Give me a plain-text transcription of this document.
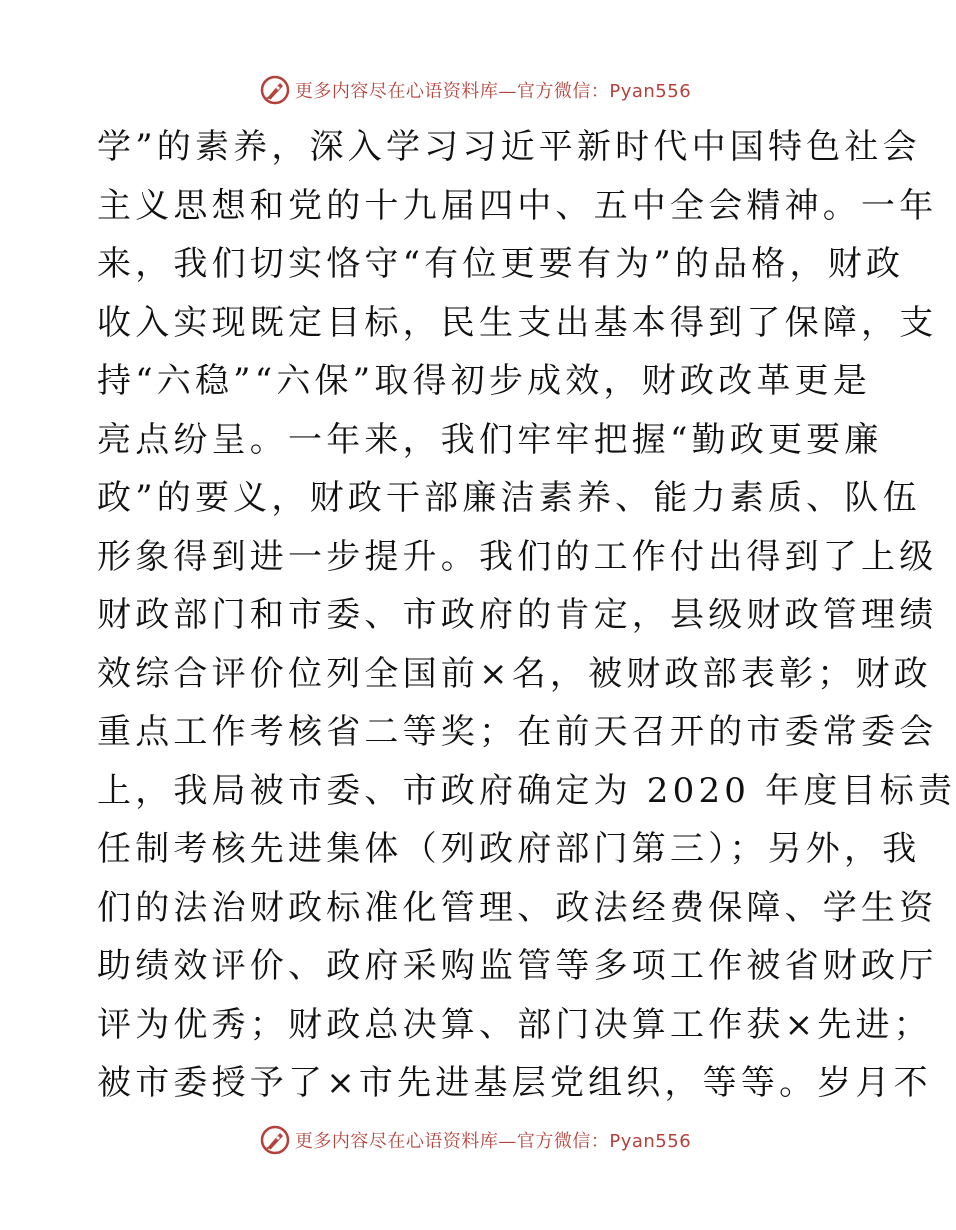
更多内容尽在心语资料库—官方微信：Pyan556
学”的素养，深入学习习近平新时代中国特色社会
主义思想和党的十九届四中、五中全会精神。一年
来，我们切实恪守“有位更要有为”的品格，财政
收入实现既定目标，民生支出基本得到了保障，支
持“六稳”“六保”取得初步成效，财政改革更是
亮点纷呈。一年来，我们牢牢把握“勤政更要廉
政”的要义，财政干部廉洁素养、能力素质、队伍
形象得到进一步提升。我们的工作付出得到了上级
财政部门和市委、市政府的肯定，县级财政管理绩
效综合评价位列全国前×名，被财政部表彰；财政
重点工作考核省二等奖；在前天召开的市委常委会
上，我局被市委、市政府确定为 2020 年度目标责
任制考核先进集体（列政府部门第三）；另外，我
们的法治财政标准化管理、政法经费保障、学生资
助绩效评价、政府采购监管等多项工作被省财政厅
评为优秀；财政总决算、部门决算工作获×先进；
被市委授予了×市先进基层党组织，等等。岁月不
更多内容尽在心语资料库—官方微信：Pyan556
